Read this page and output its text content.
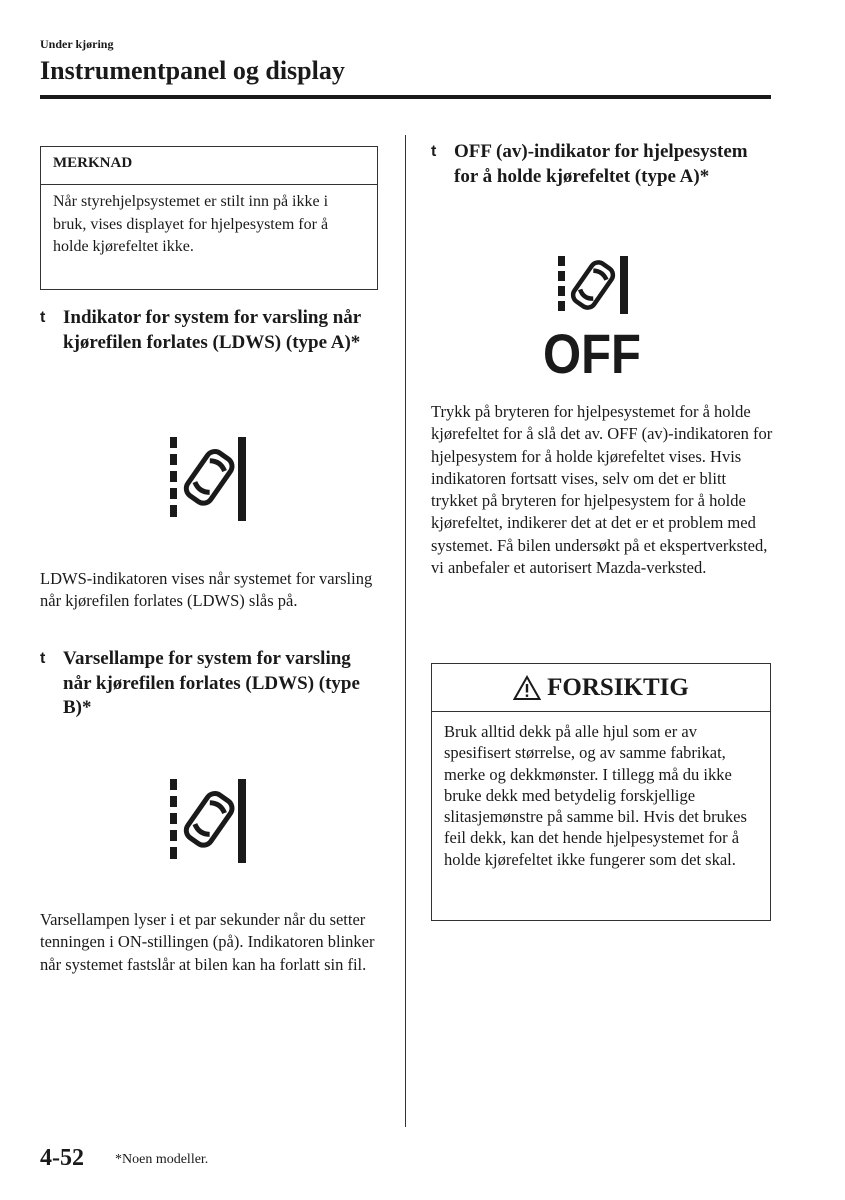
Under kjøring
Instrumentpanel og display
MERKNAD
Når styrehjelpsystemet er stilt inn på ikke i bruk, vises displayet for hjelpesystem for å holde kjørefeltet ikke.
t Indikator for system for varsling når kjørefilen forlates (LDWS) (type A)*
LDWS-indikatoren vises når systemet for varsling når kjørefilen forlates (LDWS) slås på.
t Varsellampe for system for varsling når kjørefilen forlates (LDWS) (type B)*
Varsellampen lyser i et par sekunder når du setter tenningen i ON-stillingen (på). Indikatoren blinker når systemet fastslår at bilen kan ha forlatt sin fil.
t OFF (av)-indikator for hjelpesystem for å holde kjørefeltet (type A)*
OFF
Trykk på bryteren for hjelpesystemet for å holde kjørefeltet for å slå det av. OFF (av)-indikatoren for hjelpesystem for å holde kjørefeltet vises. Hvis indikatoren fortsatt vises, selv om det er blitt trykket på bryteren for hjelpesystem for å holde kjørefeltet, indikerer det at det er et problem med systemet. Få bilen undersøkt på et ekspertverksted, vi anbefaler et autorisert Mazda-verksted.
FORSIKTIG
Bruk alltid dekk på alle hjul som er av spesifisert størrelse, og av samme fabrikat, merke og dekkmønster. I tillegg må du ikke bruke dekk med betydelig forskjellige slitasjemønstre på samme bil. Hvis det brukes feil dekk, kan det hende hjelpesystemet for å holde kjørefeltet ikke fungerer som det skal.
4-52 *Noen modeller.
